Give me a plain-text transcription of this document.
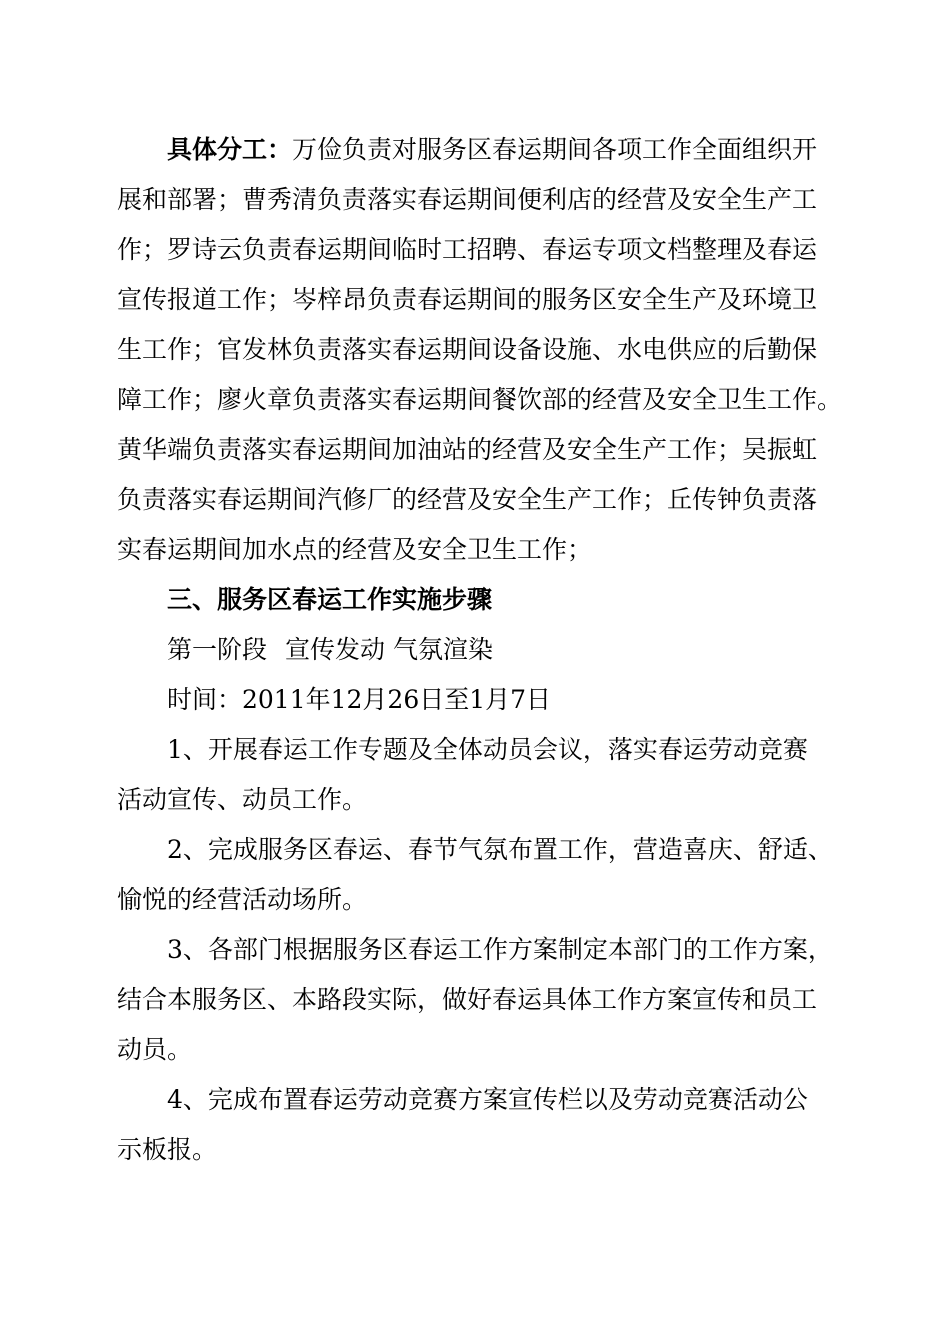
具体分工：万俭负责对服务区春运期间各项工作全面组织开
展和部署；曹秀清负责落实春运期间便利店的经营及安全生产工
作；罗诗云负责春运期间临时工招聘、春运专项文档整理及春运
宣传报道工作；岑梓昂负责春运期间的服务区安全生产及环境卫
生工作；官发林负责落实春运期间设备设施、水电供应的后勤保
障工作；廖火章负责落实春运期间餐饮部的经营及安全卫生工作。
黄华端负责落实春运期间加油站的经营及安全生产工作；吴振虹
负责落实春运期间汽修厂的经营及安全生产工作；丘传钟负责落
实春运期间加水点的经营及安全卫生工作；
三、服务区春运工作实施步骤
第一阶段 宣传发动 气氛渲染
时间：2011年12月26日至1月7日
1、开展春运工作专题及全体动员会议，落实春运劳动竞赛
活动宣传、动员工作。
2、完成服务区春运、春节气氛布置工作，营造喜庆、舒适、
愉悦的经营活动场所。
3、各部门根据服务区春运工作方案制定本部门的工作方案，
结合本服务区、本路段实际，做好春运具体工作方案宣传和员工
动员。
4、完成布置春运劳动竞赛方案宣传栏以及劳动竞赛活动公
示板报。
